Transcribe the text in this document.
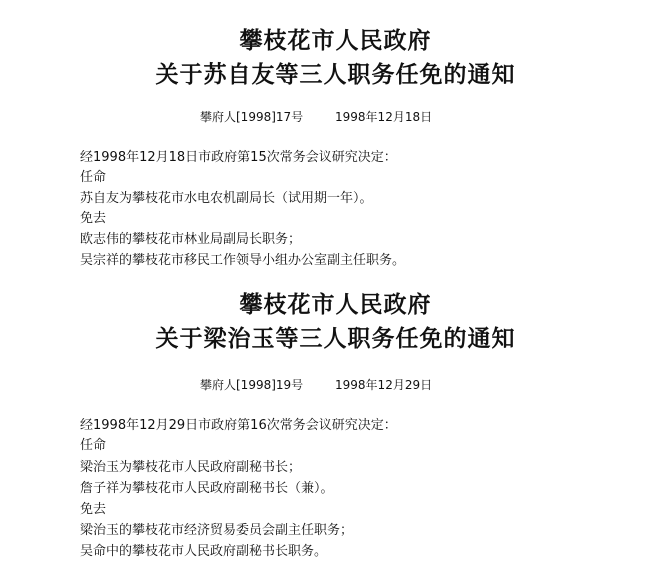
攀枝花市人民政府
关于苏自友等三人职务任免的通知
攀府人[1998]17号	1998年12月18日
经1998年12月18日市政府第15次常务会议研究决定：
任命
苏自友为攀枝花市水电农机副局长（试用期一年）。
免去
欧志伟的攀枝花市林业局副局长职务；
吴宗祥的攀枝花市移民工作领导小组办公室副主任职务。
攀枝花市人民政府
关于梁治玉等三人职务任免的通知
攀府人[1998]19号	1998年12月29日
经1998年12月29日市政府第16次常务会议研究决定：
任命
梁治玉为攀枝花市人民政府副秘书长；
詹子祥为攀枝花市人民政府副秘书长（兼）。
免去
梁治玉的攀枝花市经济贸易委员会副主任职务；
吴命中的攀枝花市人民政府副秘书长职务。
